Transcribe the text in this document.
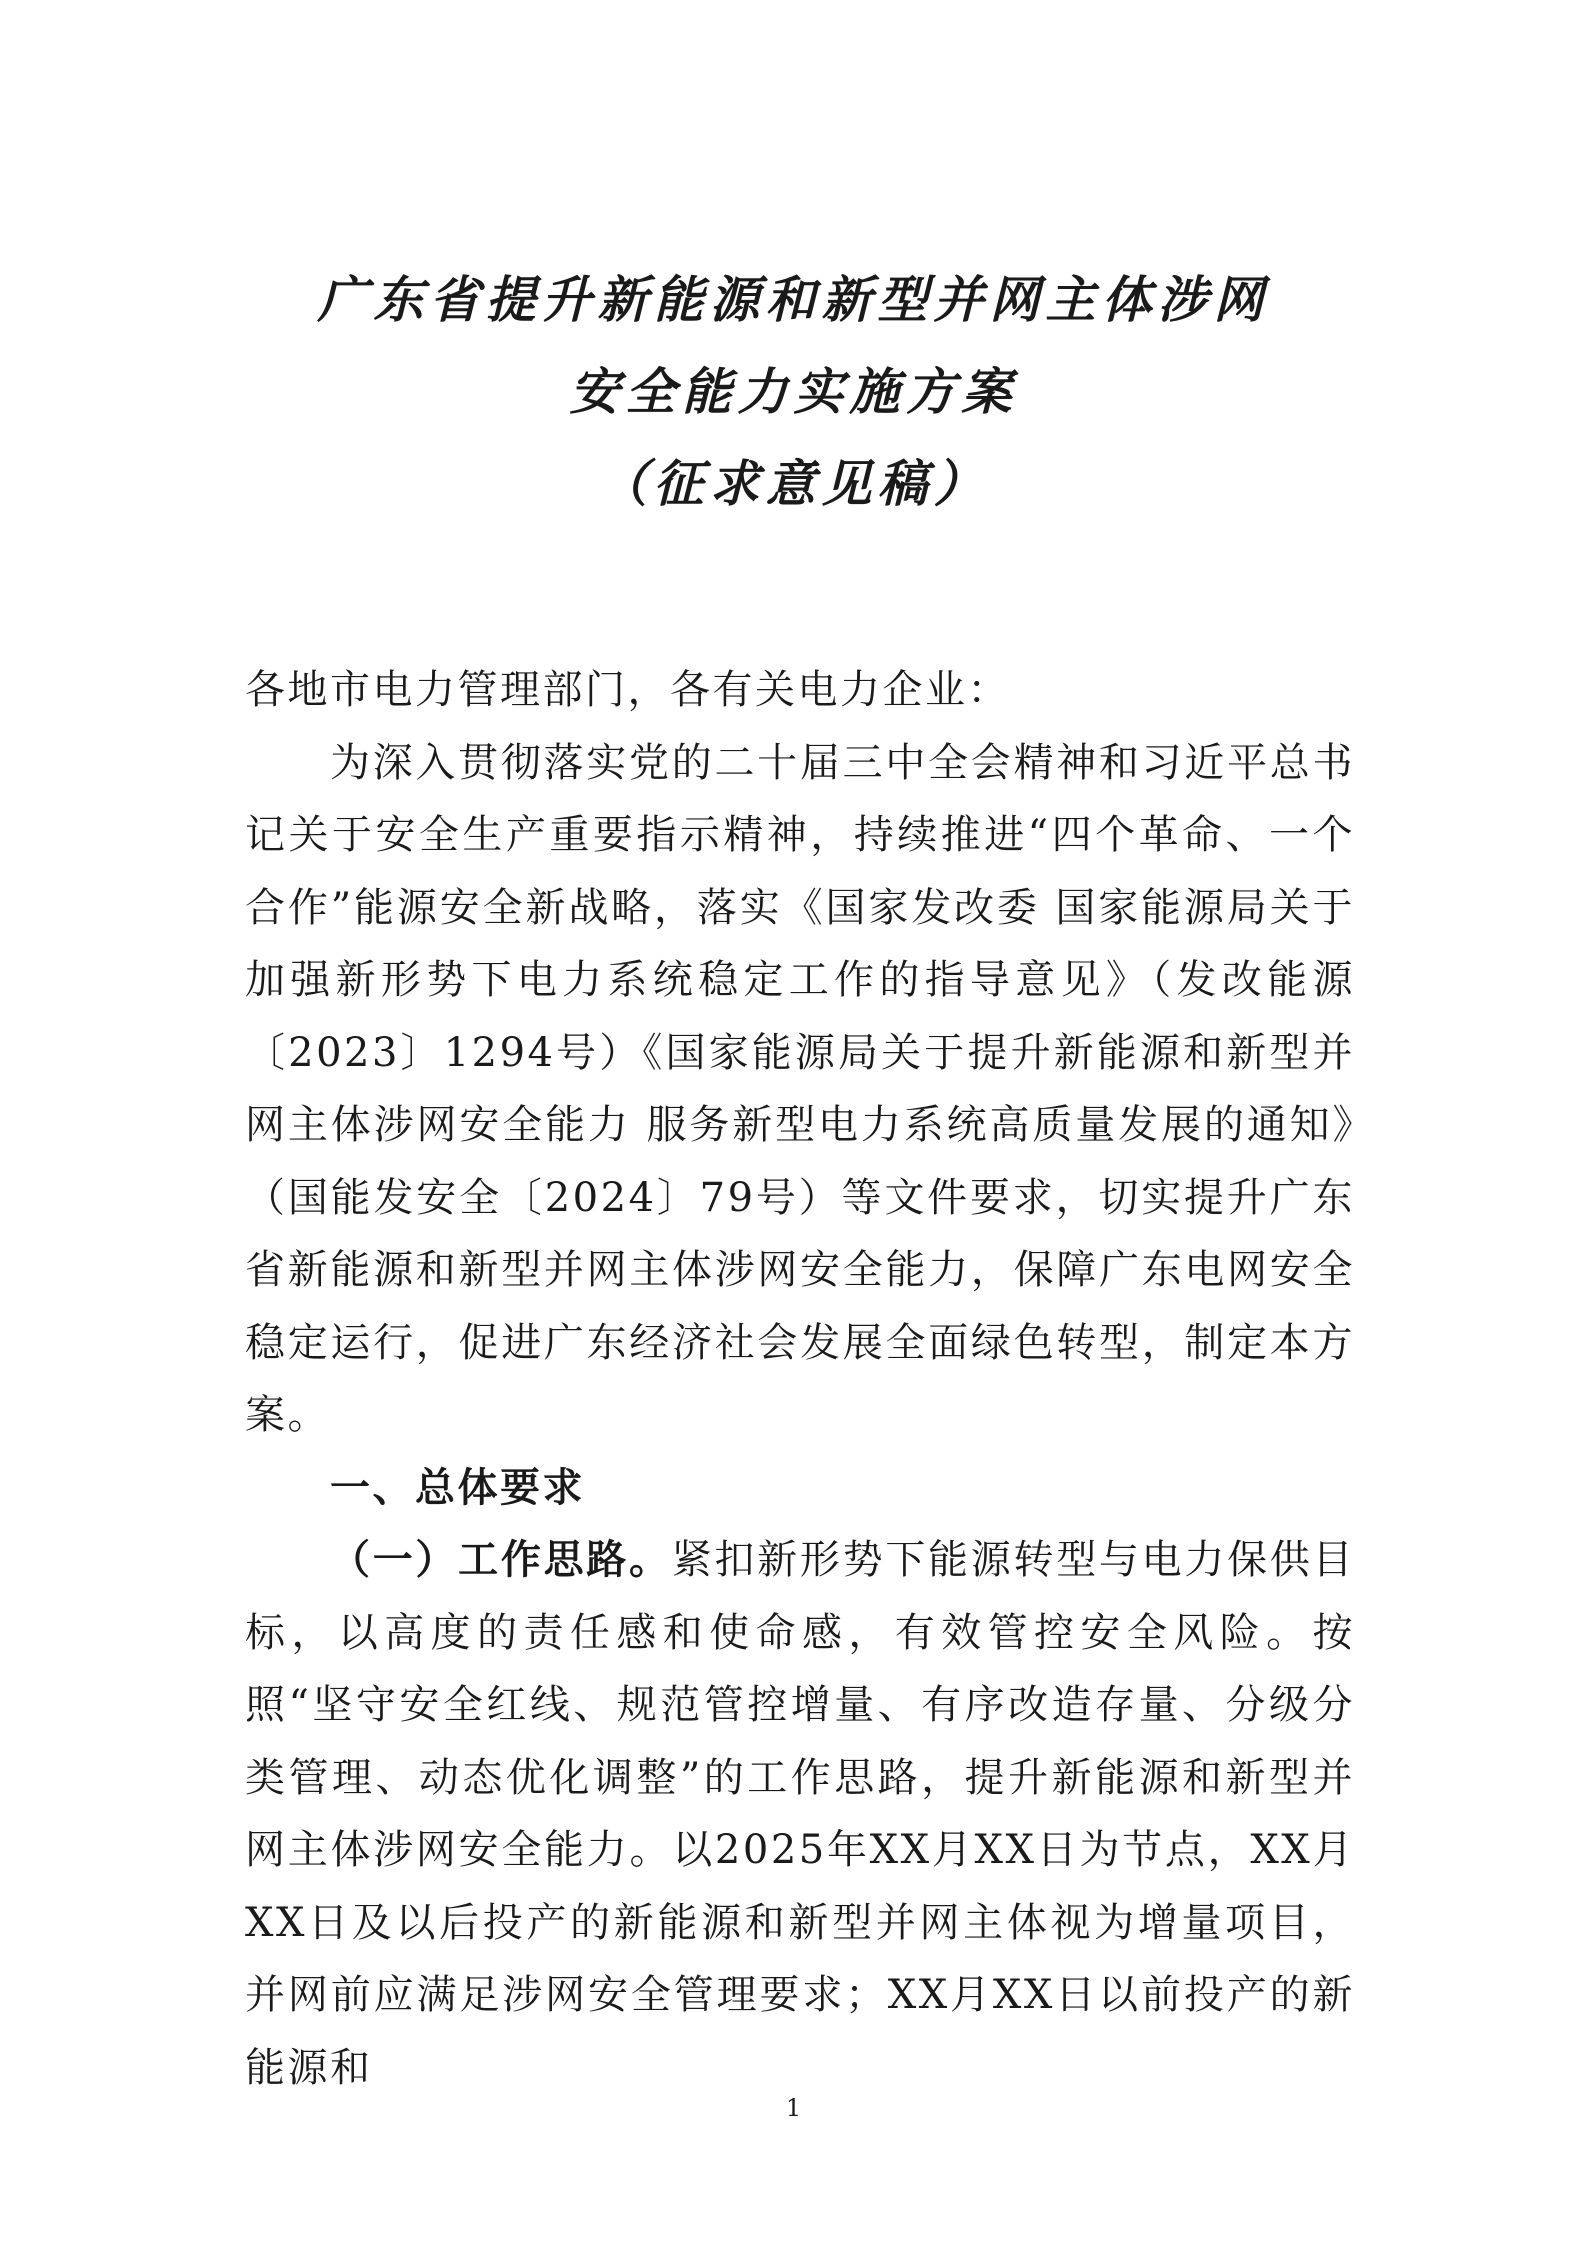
广东省提升新能源和新型并网主体涉网
安全能力实施方案
（征求意见稿）

各地市电力管理部门，各有关电力企业：

为深入贯彻落实党的二十届三中全会精神和习近平总书记关于安全生产重要指示精神，持续推进“四个革命、一个合作”能源安全新战略，落实《国家发改委 国家能源局关于加强新形势下电力系统稳定工作的指导意见》（发改能源〔2023〕1294号）《国家能源局关于提升新能源和新型并网主体涉网安全能力 服务新型电力系统高质量发展的通知》（国能发安全〔2024〕79号）等文件要求，切实提升广东省新能源和新型并网主体涉网安全能力，保障广东电网安全稳定运行，促进广东经济社会发展全面绿色转型，制定本方案。

一、总体要求

（一）工作思路。紧扣新形势下能源转型与电力保供目标，以高度的责任感和使命感，有效管控安全风险。按照“坚守安全红线、规范管控增量、有序改造存量、分级分类管理、动态优化调整”的工作思路，提升新能源和新型并网主体涉网安全能力。以2025年XX月XX日为节点，XX月XX日及以后投产的新能源和新型并网主体视为增量项目，并网前应满足涉网安全管理要求；XX月XX日以前投产的新能源和

1
